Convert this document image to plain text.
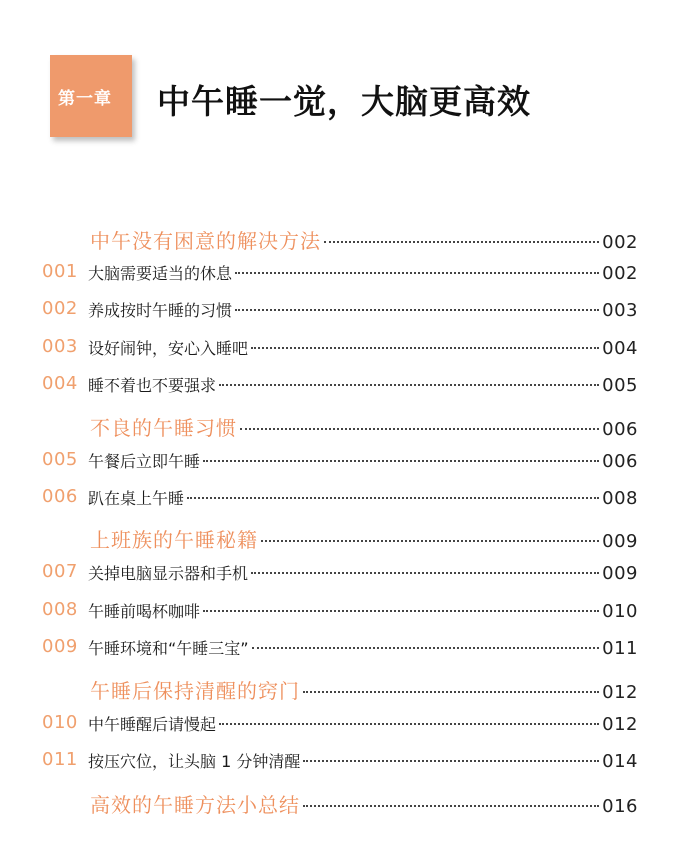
第一章 中午睡一觉，大脑更高效
中午没有困意的解决方法	002
001 大脑需要适当的休息	002
002 养成按时午睡的习惯	003
003 设好闹钟，安心入睡吧	004
004 睡不着也不要强求	005
不良的午睡习惯	006
005 午餐后立即午睡	006
006 趴在桌上午睡	008
上班族的午睡秘籍	009
007 关掉电脑显示器和手机	009
008 午睡前喝杯咖啡	010
009 午睡环境和“午睡三宝”	011
午睡后保持清醒的窍门	012
010 中午睡醒后请慢起	012
011 按压穴位，让头脑 1 分钟清醒	014
高效的午睡方法小总结	016
